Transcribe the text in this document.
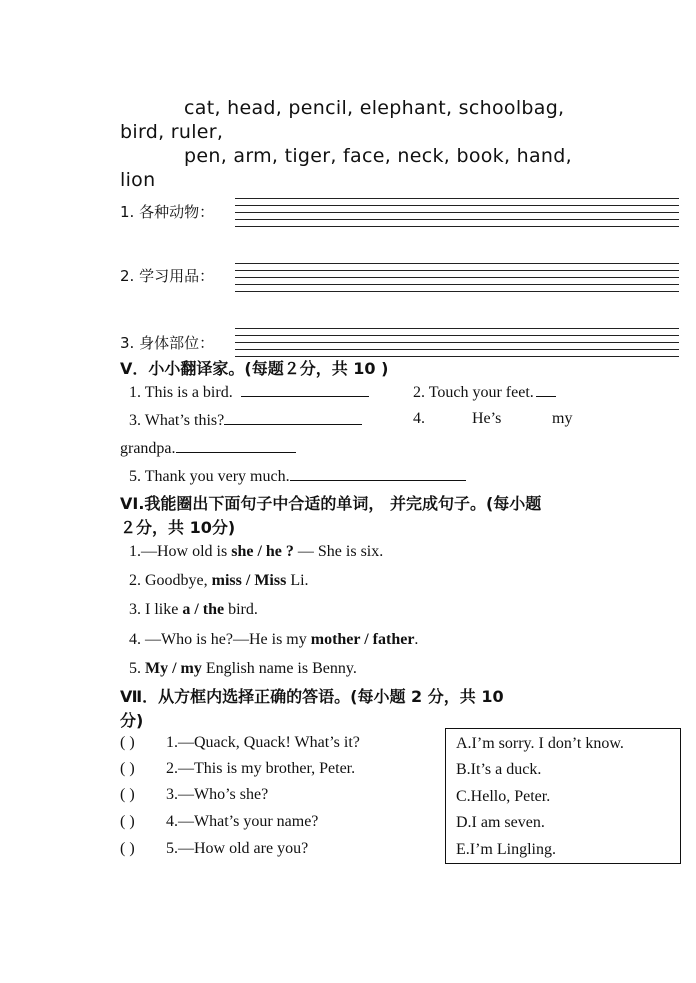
cat, head, pencil, elephant, schoolbag,
bird, ruler,
pen, arm, tiger, face, neck, book, hand,
lion
1. 各种动物：
2. 学习用品：
3. 身体部位：
V．小小翻译家。(每题２分，共 10 )
1. This is a bird.	2. Touch your feet.
3. What’s this?	4.	He’s	my
grandpa.
5. Thank you very much.
VI.我能圈出下面句子中合适的单词， 并完成句子。(每小题
２分，共 10分)
1.—How old is she / he ? — She is six.
2. Goodbye, miss / Miss Li.
3. I like a / the bird.
4. —Who is he?—He is my mother / father.
5. My / my English name is Benny.
Ⅶ．从方框内选择正确的答语。(每小题 2 分，共 10
分)
( ) 1.—Quack, Quack! What’s it?
( ) 2.—This is my brother, Peter.
( ) 3.—Who’s she?
( ) 4.—What’s your name?
( ) 5.—How old are you?
A.I’m sorry. I don’t know.
B.It’s a duck.
C.Hello, Peter.
D.I am seven.
E.I’m Lingling.
